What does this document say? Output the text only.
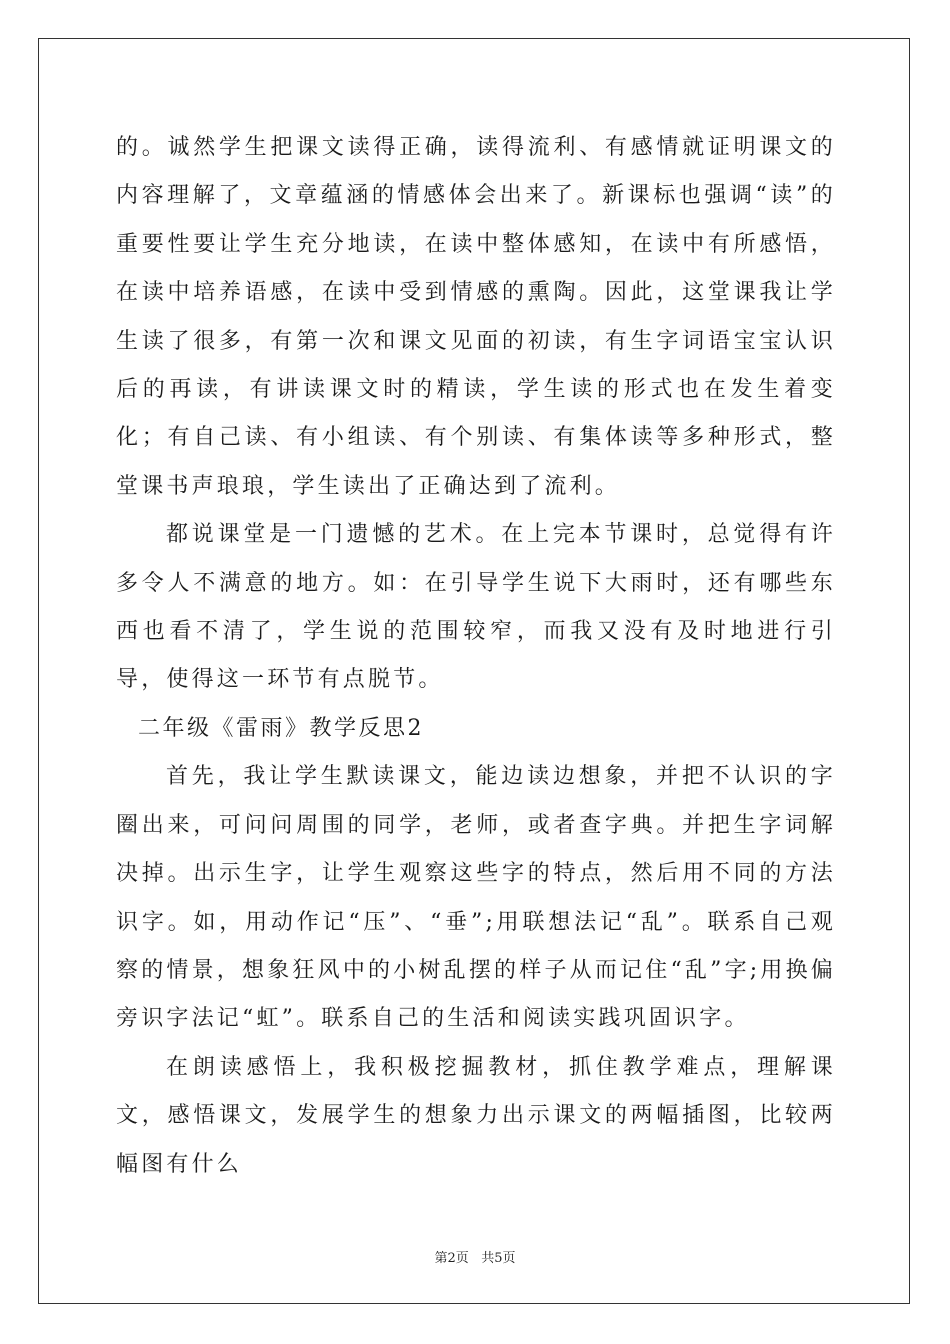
的。诚然学生把课文读得正确，读得流利、有感情就证明课文的内容理解了，文章蕴涵的情感体会出来了。新课标也强调“读”的重要性要让学生充分地读，在读中整体感知，在读中有所感悟，在读中培养语感，在读中受到情感的熏陶。因此，这堂课我让学生读了很多，有第一次和课文见面的初读，有生字词语宝宝认识后的再读，有讲读课文时的精读，学生读的形式也在发生着变化；有自己读、有小组读、有个别读、有集体读等多种形式，整堂课书声琅琅，学生读出了正确达到了流利。

都说课堂是一门遗憾的艺术。在上完本节课时，总觉得有许多令人不满意的地方。如：在引导学生说下大雨时，还有哪些东西也看不清了，学生说的范围较窄，而我又没有及时地进行引导，使得这一环节有点脱节。

二年级《雷雨》教学反思2

首先，我让学生默读课文，能边读边想象，并把不认识的字圈出来，可问问周围的同学，老师，或者查字典。并把生字词解决掉。出示生字，让学生观察这些字的特点，然后用不同的方法识字。如，用动作记“压”、“垂”;用联想法记“乱”。联系自己观察的情景，想象狂风中的小树乱摆的样子从而记住“乱”字;用换偏旁识字法记“虹”。联系自己的生活和阅读实践巩固识字。

在朗读感悟上，我积极挖掘教材，抓住教学难点，理解课文，感悟课文，发展学生的想象力出示课文的两幅插图，比较两幅图有什么

第2页 共5页
